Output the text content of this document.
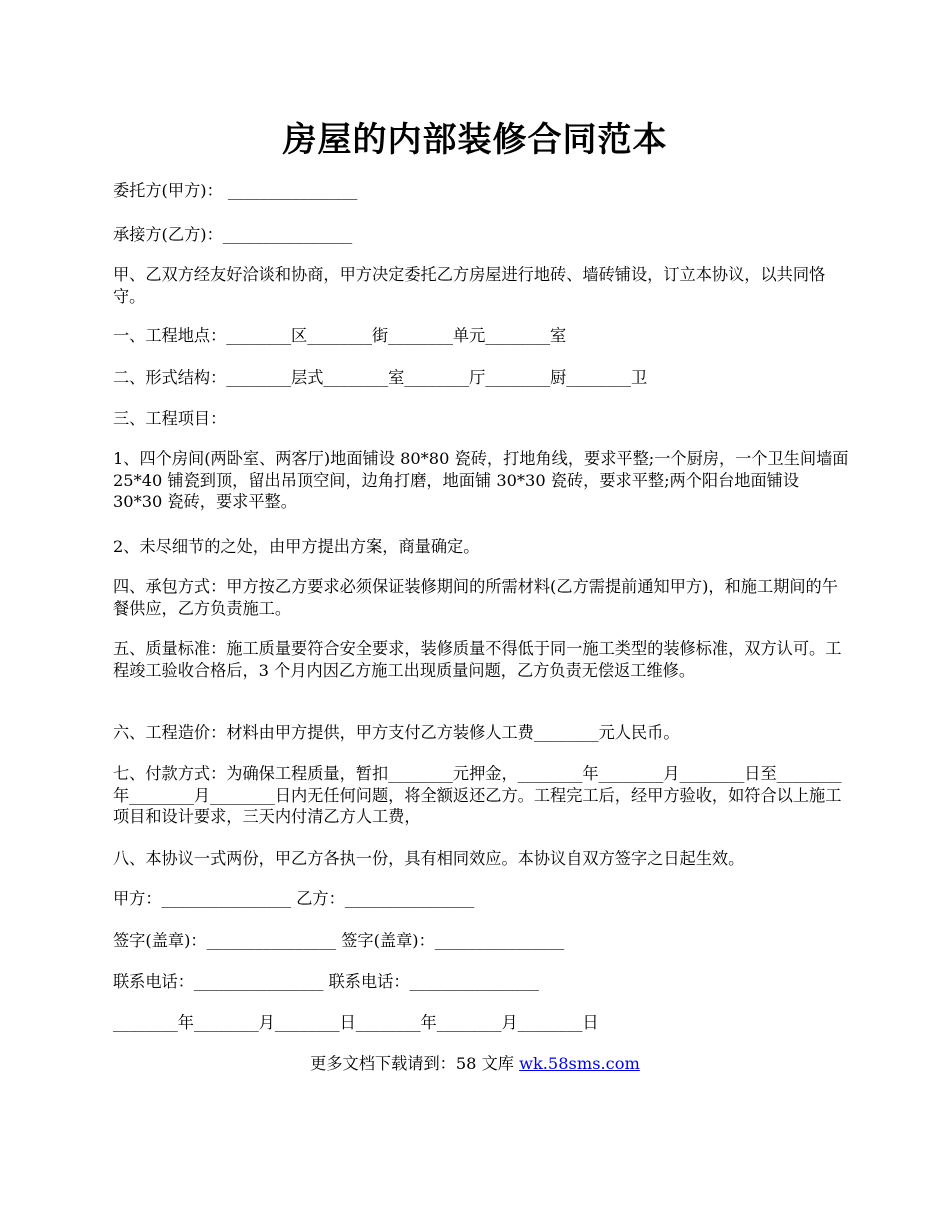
房屋的内部装修合同范本

委托方(甲方)： ________________

承接方(乙方)：________________

甲、乙双方经友好洽谈和协商，甲方决定委托乙方房屋进行地砖、墙砖铺设，订立本协议，以共同恪守。

一、工程地点：________区________街________单元________室

二、形式结构：________层式________室________厅________厨________卫

三、工程项目：

1、四个房间(两卧室、两客厅)地面铺设 80*80 瓷砖，打地角线，要求平整;一个厨房，一个卫生间墙面 25*40 铺瓷到顶，留出吊顶空间，边角打磨，地面铺 30*30 瓷砖，要求平整;两个阳台地面铺设 30*30 瓷砖，要求平整。

2、未尽细节的之处，由甲方提出方案，商量确定。

四、承包方式：甲方按乙方要求必须保证装修期间的所需材料(乙方需提前通知甲方)，和施工期间的午餐供应，乙方负责施工。

五、质量标准：施工质量要符合安全要求，装修质量不得低于同一施工类型的装修标准，双方认可。工程竣工验收合格后，3 个月内因乙方施工出现质量问题，乙方负责无偿返工维修。

六、工程造价：材料由甲方提供，甲方支付乙方装修人工费________元人民币。

七、付款方式：为确保工程质量，暂扣________元押金，________年________月________日至________年________月________日内无任何问题，将全额返还乙方。工程完工后，经甲方验收，如符合以上施工项目和设计要求，三天内付清乙方人工费，

八、本协议一式两份，甲乙方各执一份，具有相同效应。本协议自双方签字之日起生效。

甲方：________________ 乙方：________________

签字(盖章)：________________ 签字(盖章)：________________

联系电话：________________ 联系电话：________________

________年________月________日________年________月________日

更多文档下载请到：58 文库 wk.58sms.com
